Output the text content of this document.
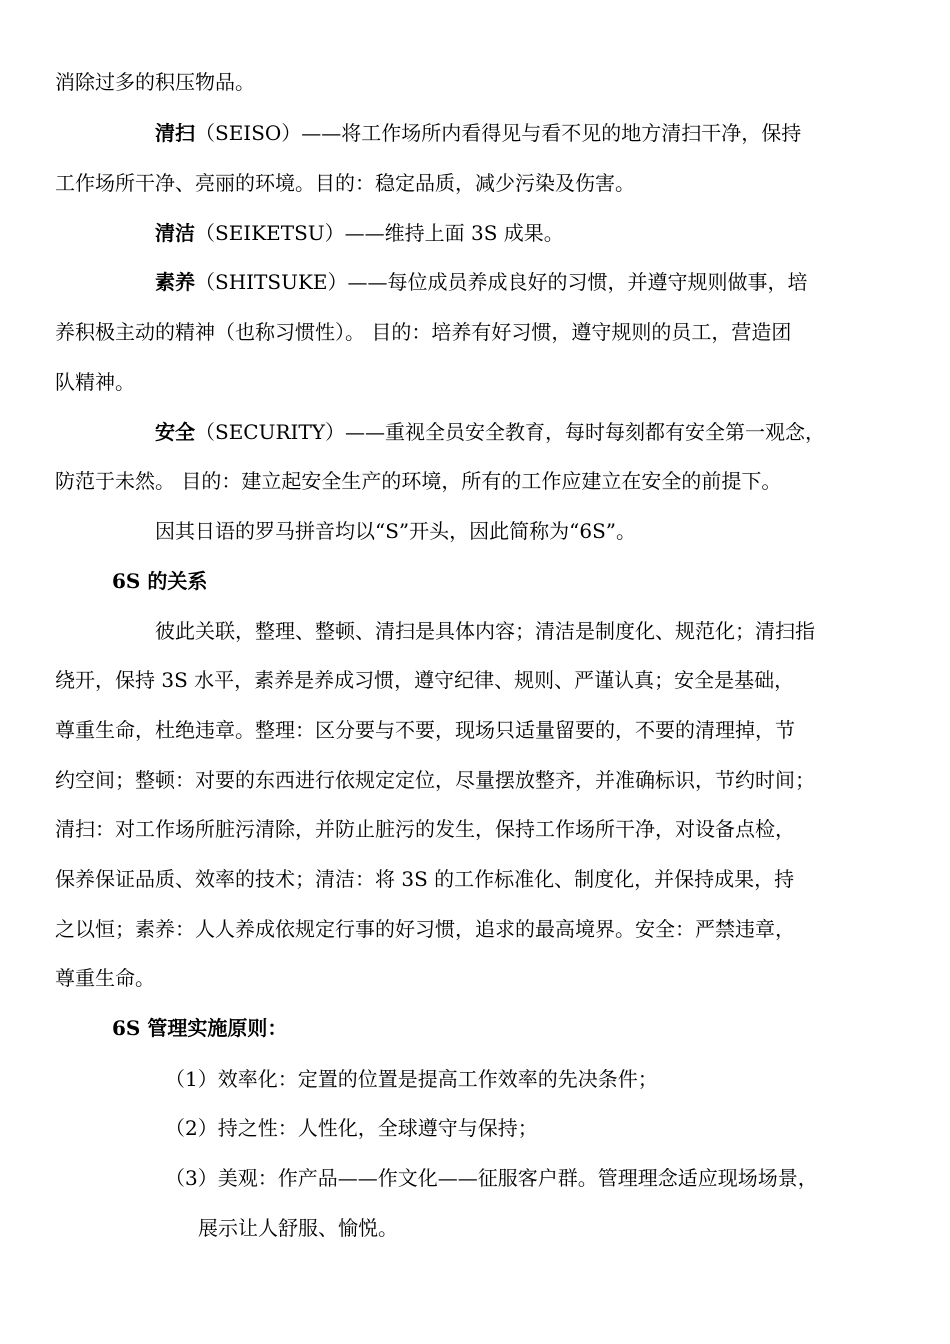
消除过多的积压物品。
清扫（SEISO）——将工作场所内看得见与看不见的地方清扫干净，保持
工作场所干净、亮丽的环境。目的：稳定品质，减少污染及伤害。
清洁（SEIKETSU）——维持上面 3S 成果。
素养（SHITSUKE）——每位成员养成良好的习惯，并遵守规则做事，培
养积极主动的精神（也称习惯性）。 目的：培养有好习惯，遵守规则的员工，营造团
队精神。
安全（SECURITY）——重视全员安全教育，每时每刻都有安全第一观念，
防范于未然。 目的：建立起安全生产的环境，所有的工作应建立在安全的前提下。
因其日语的罗马拼音均以“S”开头，因此简称为“6S”。
6S 的关系
彼此关联，整理、整顿、清扫是具体内容；清洁是制度化、规范化；清扫指
绕开，保持 3S 水平，素养是养成习惯，遵守纪律、规则、严谨认真；安全是基础，
尊重生命，杜绝违章。整理：区分要与不要，现场只适量留要的，不要的清理掉，节
约空间；整顿：对要的东西进行依规定定位，尽量摆放整齐，并准确标识，节约时间；
清扫：对工作场所脏污清除，并防止脏污的发生，保持工作场所干净，对设备点检，
保养保证品质、效率的技术；清洁：将 3S 的工作标准化、制度化，并保持成果，持
之以恒；素养：人人养成依规定行事的好习惯，追求的最高境界。安全：严禁违章，
尊重生命。
6S 管理实施原则：
（1）效率化：定置的位置是提高工作效率的先决条件；
（2）持之性：人性化，全球遵守与保持；
（3）美观：作产品——作文化——征服客户群。管理理念适应现场场景，
展示让人舒服、愉悦。
